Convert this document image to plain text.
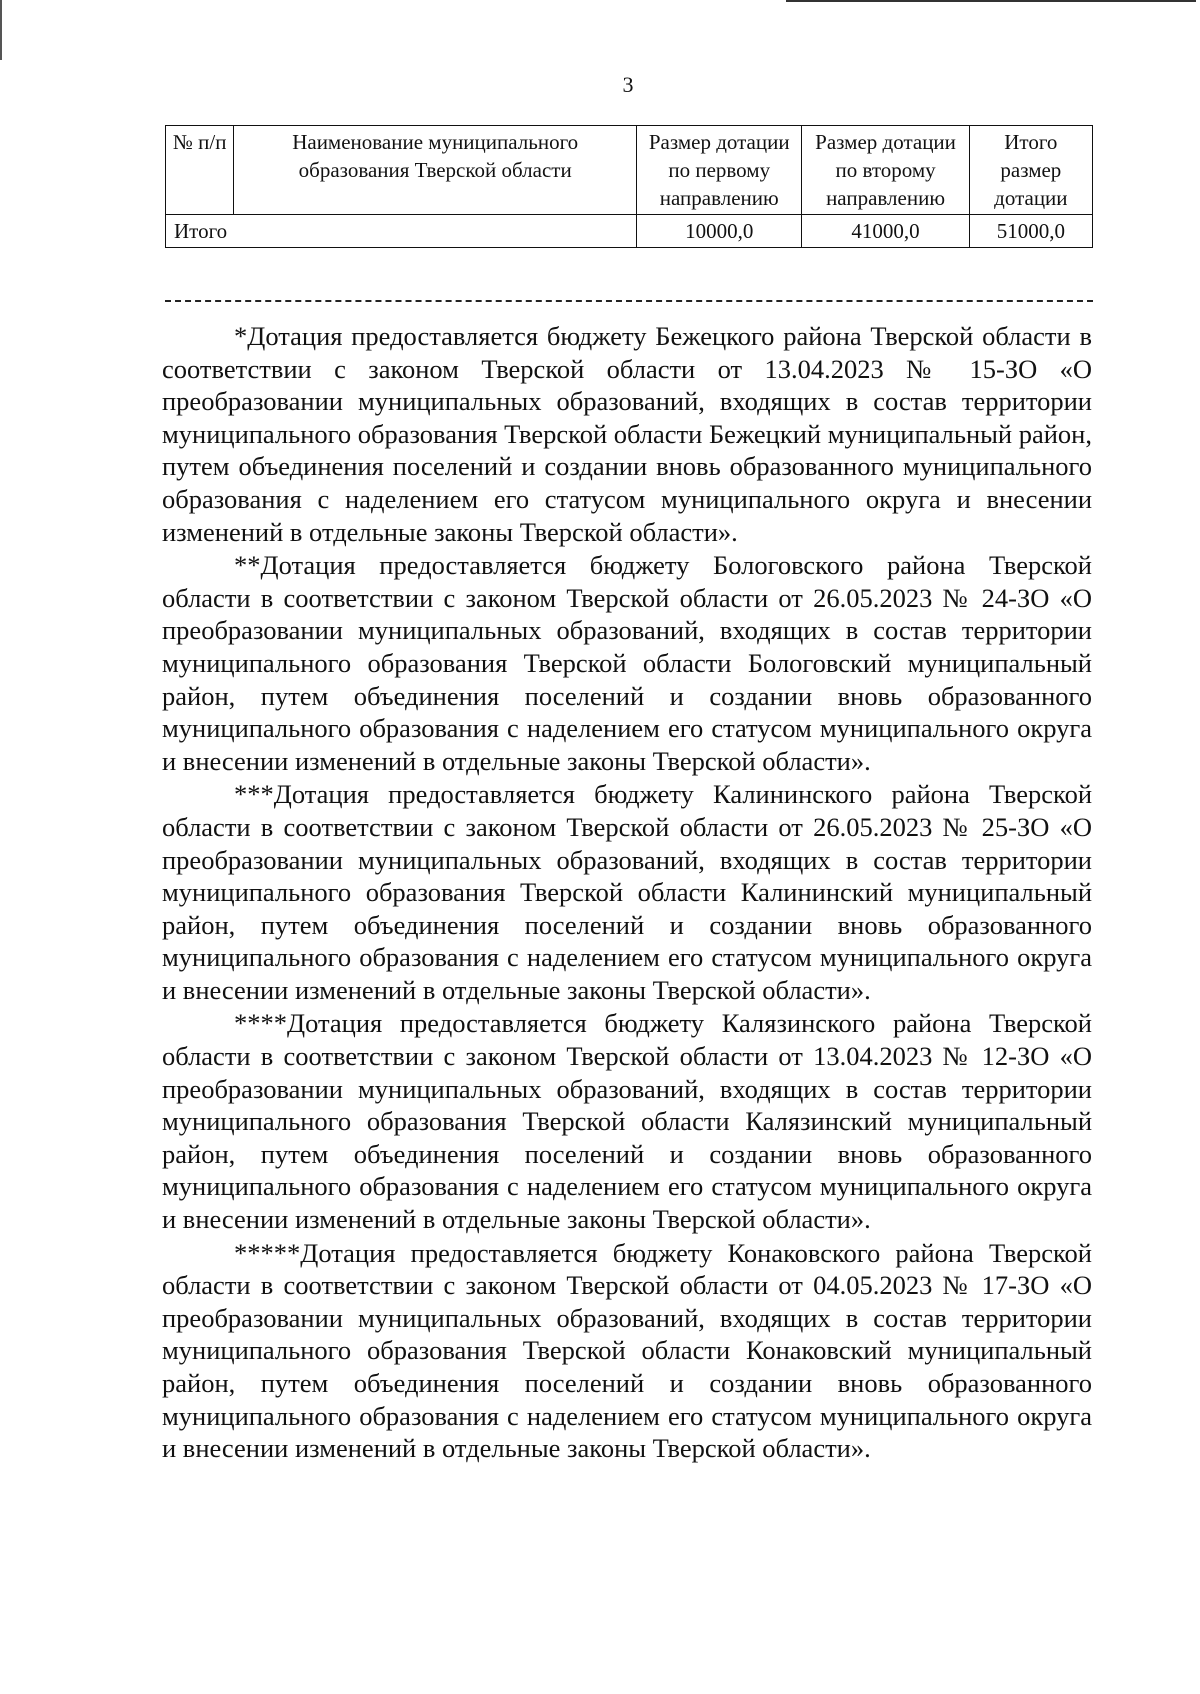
3
№ п/п	Наименование муниципального образования Тверской области	Размер дотации по первому направлению	Размер дотации по второму направлению	Итого размер дотации
Итого		10000,0	41000,0	51000,0

*Дотация предоставляется бюджету Бежецкого района Тверской области в соответствии с законом Тверской области от 13.04.2023 № 15-ЗО «О преобразовании муниципальных образований, входящих в состав территории муниципального образования Тверской области Бежецкий муниципальный район, путем объединения поселений и создании вновь образованного муниципального образования с наделением его статусом муниципального округа и внесении изменений в отдельные законы Тверской области».

**Дотация предоставляется бюджету Бологовского района Тверской области в соответствии с законом Тверской области от 26.05.2023 № 24-ЗО «О преобразовании муниципальных образований, входящих в состав территории муниципального образования Тверской области Бологовский муниципальный район, путем объединения поселений и создании вновь образованного муниципального образования с наделением его статусом муниципального округа и внесении изменений в отдельные законы Тверской области».

***Дотация предоставляется бюджету Калининского района Тверской области в соответствии с законом Тверской области от 26.05.2023 № 25-ЗО «О преобразовании муниципальных образований, входящих в состав территории муниципального образования Тверской области Калининский муниципальный район, путем объединения поселений и создании вновь образованного муниципального образования с наделением его статусом муниципального округа и внесении изменений в отдельные законы Тверской области».

****Дотация предоставляется бюджету Калязинского района Тверской области в соответствии с законом Тверской области от 13.04.2023 № 12-ЗО «О преобразовании муниципальных образований, входящих в состав территории муниципального образования Тверской области Калязинский муниципальный район, путем объединения поселений и создании вновь образованного муниципального образования с наделением его статусом муниципального округа и внесении изменений в отдельные законы Тверской области».

*****Дотация предоставляется бюджету Конаковского района Тверской области в соответствии с законом Тверской области от 04.05.2023 № 17-ЗО «О преобразовании муниципальных образований, входящих в состав территории муниципального образования Тверской области Конаковский муниципальный район, путем объединения поселений и создании вновь образованного муниципального образования с наделением его статусом муниципального округа и внесении изменений в отдельные законы Тверской области».
